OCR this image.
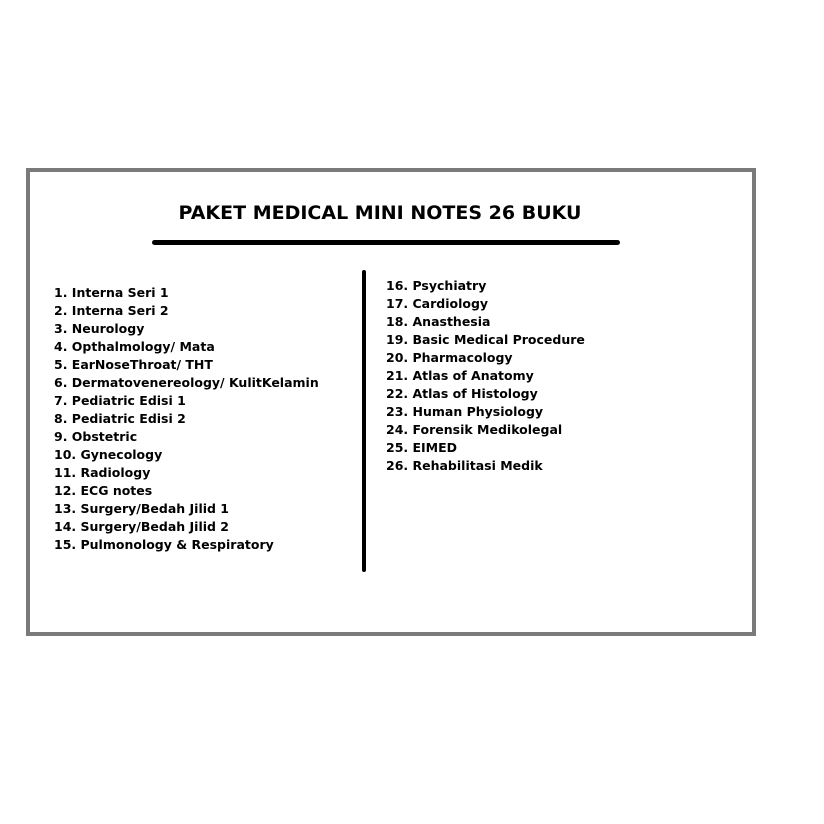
PAKET MEDICAL MINI NOTES 26 BUKU
1. Interna Seri 1
2. Interna Seri 2
3. Neurology
4. Opthalmology/ Mata
5. EarNoseThroat/ THT
6. Dermatovenereology/ KulitKelamin
7. Pediatric Edisi 1
8. Pediatric Edisi 2
9. Obstetric
10. Gynecology
11. Radiology
12. ECG notes
13. Surgery/Bedah Jilid 1
14. Surgery/Bedah Jilid 2
15. Pulmonology & Respiratory
16. Psychiatry
17. Cardiology
18. Anasthesia
19. Basic Medical Procedure
20. Pharmacology
21. Atlas of Anatomy
22. Atlas of Histology
23. Human Physiology
24. Forensik Medikolegal
25. EIMED
26. Rehabilitasi Medik
